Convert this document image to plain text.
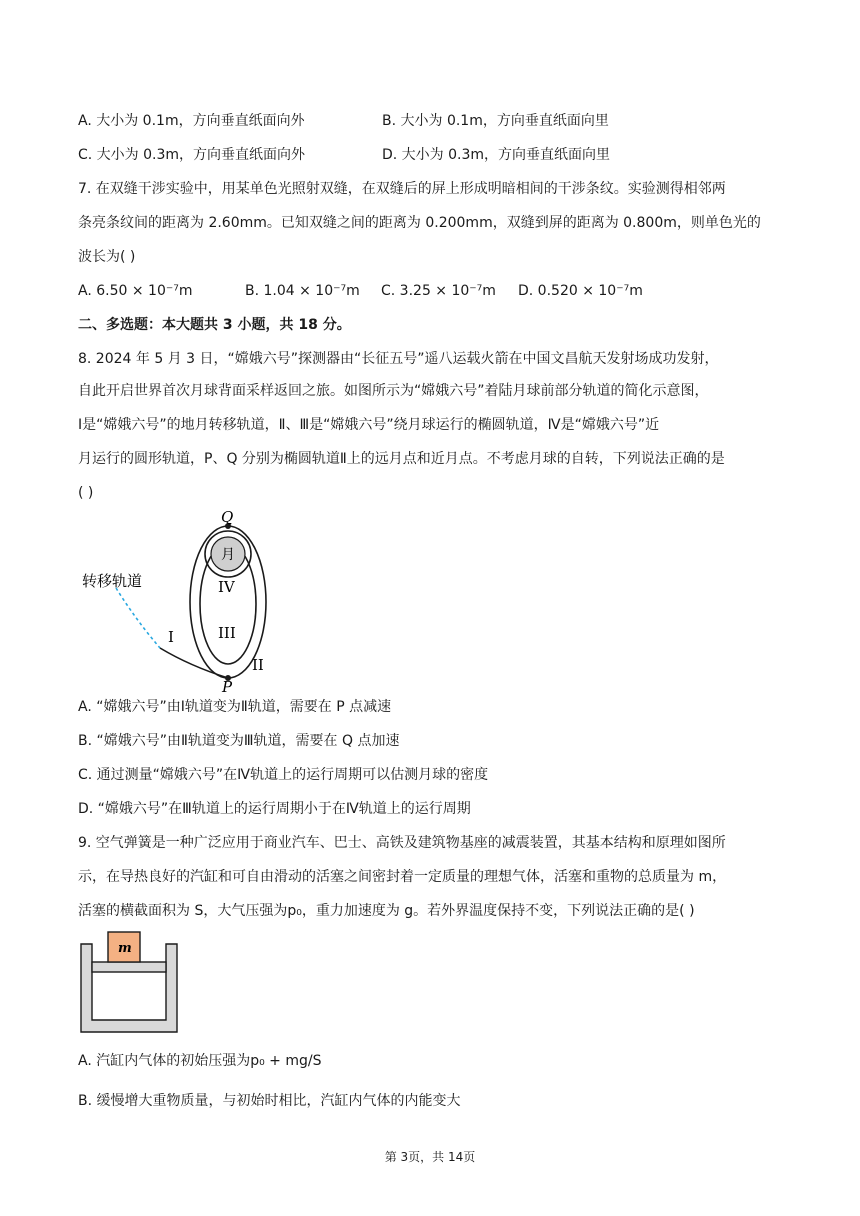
A. 大小为 0.1m，方向垂直纸面向外	B. 大小为 0.1m，方向垂直纸面向里
C. 大小为 0.3m，方向垂直纸面向外	D. 大小为 0.3m，方向垂直纸面向里
7. 在双缝干涉实验中，用某单色光照射双缝，在双缝后的屏上形成明暗相间的干涉条纹。实验测得相邻两
条亮条纹间的距离为 2.60mm。已知双缝之间的距离为 0.200mm，双缝到屏的距离为 0.800m，则单色光的
波长为( )
A. 6.50 × 10⁻⁷m	B. 1.04 × 10⁻⁷m C. 3.25 × 10⁻⁷m D. 0.520 × 10⁻⁷m
二、多选题：本大题共 3 小题，共 18 分。
8. 2024 年 5 月 3 日，“嫦娥六号”探测器由“长征五号”遥八运载火箭在中国文昌航天发射场成功发射，
自此开启世界首次月球背面采样返回之旅。如图所示为“嫦娥六号”着陆月球前部分轨道的简化示意图，
Ⅰ是“嫦娥六号”的地月转移轨道，Ⅱ、Ⅲ是“嫦娥六号”绕月球运行的椭圆轨道，Ⅳ是“嫦娥六号”近
月运行的圆形轨道，P、Q 分别为椭圆轨道Ⅱ上的远月点和近月点。不考虑月球的自转，下列说法正确的是
( )
Q
P
月
转移轨道
I
II
III
IV
A. “嫦娥六号”由Ⅰ轨道变为Ⅱ轨道，需要在 P 点减速
B. “嫦娥六号”由Ⅱ轨道变为Ⅲ轨道，需要在 Q 点加速
C. 通过测量“嫦娥六号”在Ⅳ轨道上的运行周期可以估测月球的密度
D. “嫦娥六号”在Ⅲ轨道上的运行周期小于在Ⅳ轨道上的运行周期
9. 空气弹簧是一种广泛应用于商业汽车、巴士、高铁及建筑物基座的减震装置，其基本结构和原理如图所
示，在导热良好的汽缸和可自由滑动的活塞之间密封着一定质量的理想气体，活塞和重物的总质量为 m，
活塞的横截面积为 S，大气压强为p₀，重力加速度为 g。若外界温度保持不变，下列说法正确的是( )
m
A. 汽缸内气体的初始压强为p₀ + mg/S
B. 缓慢增大重物质量，与初始时相比，汽缸内气体的内能变大
第 3页，共 14页
